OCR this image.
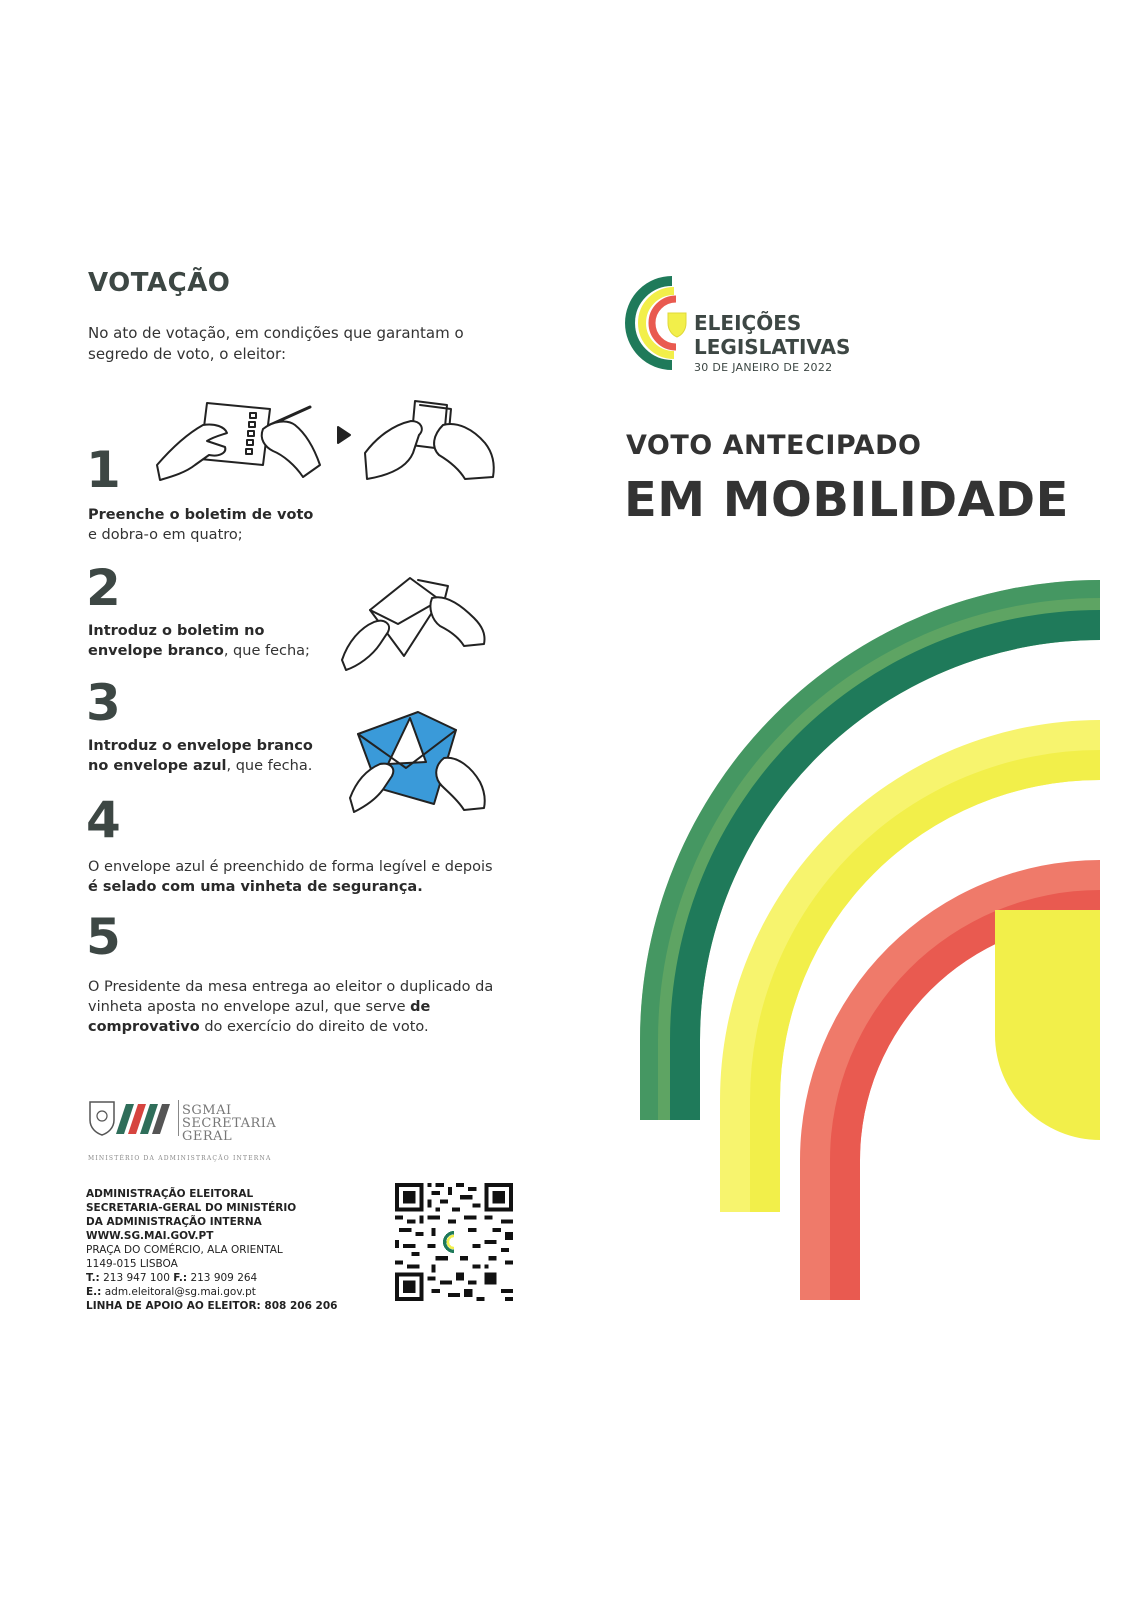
VOTAÇÃO

No ato de votação, em condições que garantam o segredo de voto, o eleitor:

1
Preenche o boletim de voto
e dobra-o em quatro;
2
Introduz o boletim no
envelope branco, que fecha;
3
Introduz o envelope branco
no envelope azul, que fecha.
4
O envelope azul é preenchido de forma legível e depois
é selado com uma vinheta de segurança.
5
O Presidente da mesa entrega ao eleitor o duplicado da
vinheta aposta no envelope azul, que serve de
comprovativo do exercício do direito de voto.
SGMAI
SECRETARIA
GERAL
MINISTÉRIO DA ADMINISTRAÇÃO INTERNA
ADMINISTRAÇÃO ELEITORAL
SECRETARIA-GERAL DO MINISTÉRIO
DA ADMINISTRAÇÃO INTERNA
WWW.SG.MAI.GOV.PT
PRAÇA DO COMÉRCIO, ALA ORIENTAL
1149-015 LISBOA
T.: 213 947 100 F.: 213 909 264
E.: adm.eleitoral@sg.mai.gov.pt
LINHA DE APOIO AO ELEITOR: 808 206 206
ELEIÇÕES
LEGISLATIVAS
30 DE JANEIRO DE 2022
VOTO ANTECIPADO
EM MOBILIDADE
